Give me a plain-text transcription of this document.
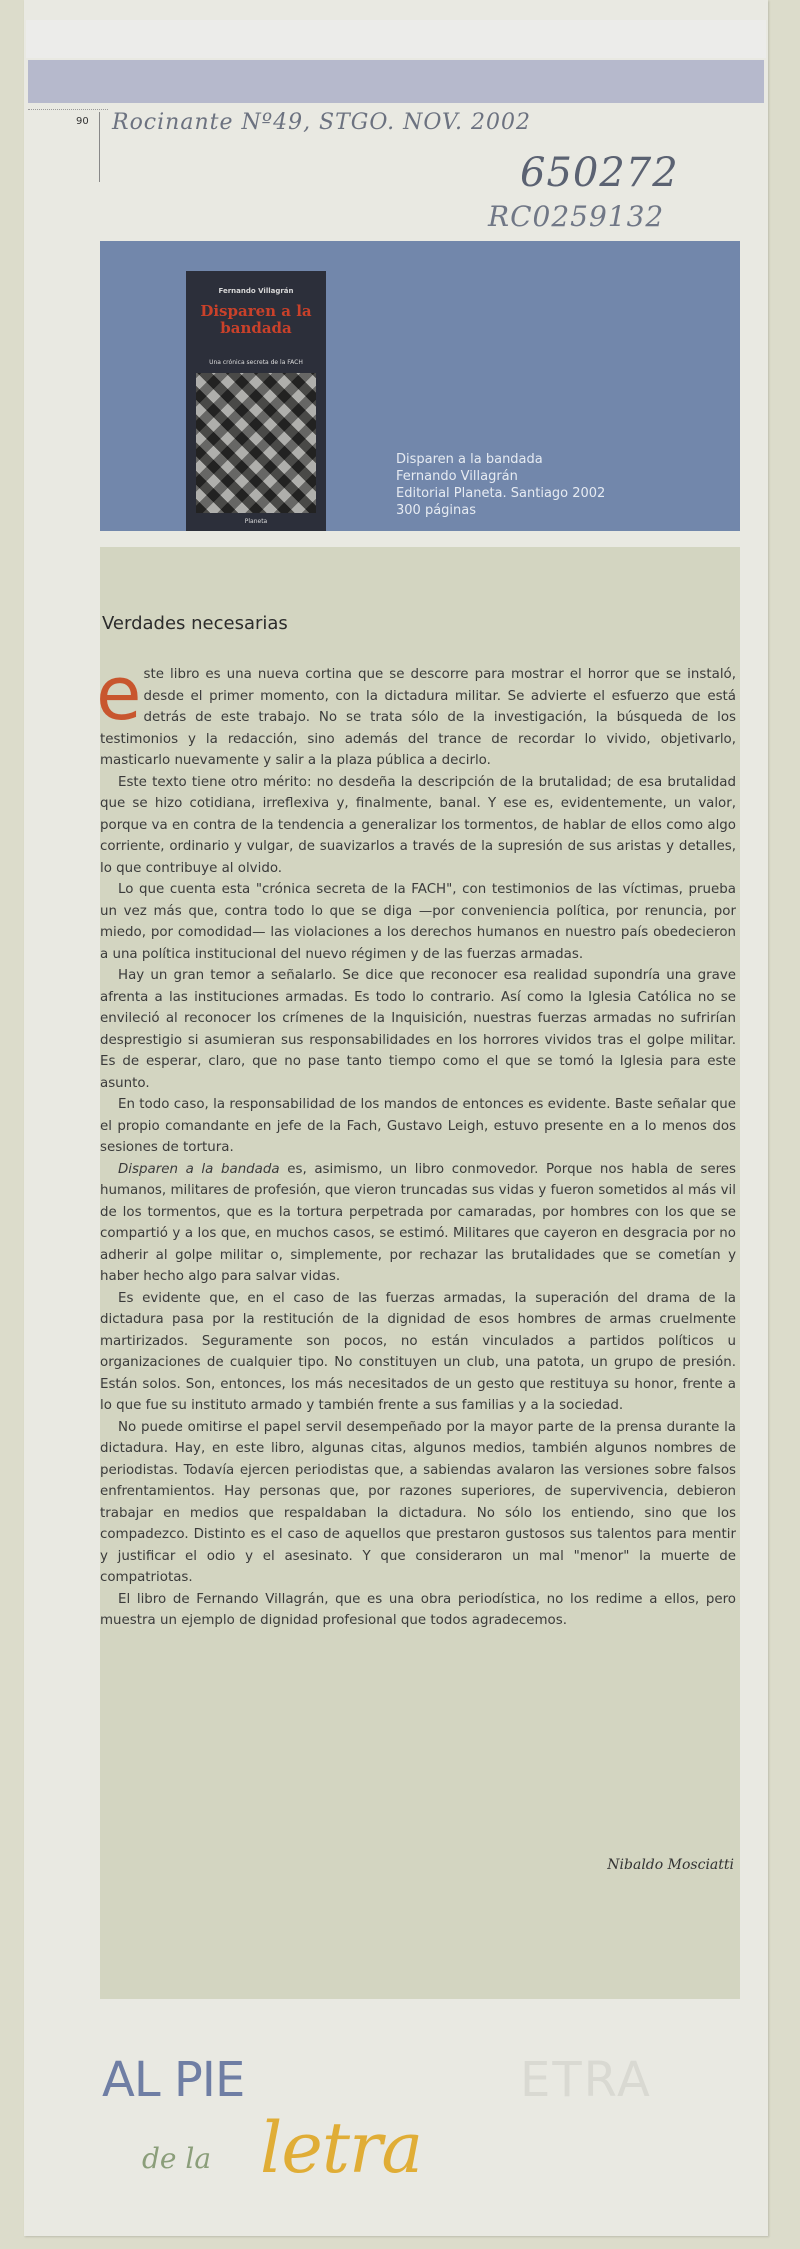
90 Rocinante Nº49, STGO. NOV. 2002
650272
RC0259132
Fernando Villagrán
Disparen a la bandada
Una crónica secreta de la FACH
Planeta
Disparen a la bandada
Fernando Villagrán
Editorial Planeta. Santiago 2002
300 páginas
Verdades necesarias

este libro es una nueva cortina que se descorre para mostrar el horror que se instaló, desde el primer momento, con la dictadura militar. Se advierte el esfuerzo que está detrás de este trabajo. No se trata sólo de la investigación, la búsqueda de los testimonios y la redacción, sino además del trance de recordar lo vivido, objetivarlo, masticarlo nuevamente y salir a la plaza pública a decirlo.

Este texto tiene otro mérito: no desdeña la descripción de la brutalidad; de esa brutalidad que se hizo cotidiana, irreflexiva y, finalmente, banal. Y ese es, evidentemente, un valor, porque va en contra de la tendencia a generalizar los tormentos, de hablar de ellos como algo corriente, ordinario y vulgar, de suavizarlos a través de la supresión de sus aristas y detalles, lo que contribuye al olvido.

Lo que cuenta esta "crónica secreta de la FACH", con testimonios de las víctimas, prueba un vez más que, contra todo lo que se diga —por conveniencia política, por renuncia, por miedo, por comodidad— las violaciones a los derechos humanos en nuestro país obedecieron a una política institucional del nuevo régimen y de las fuerzas armadas.

Hay un gran temor a señalarlo. Se dice que reconocer esa realidad supondría una grave afrenta a las instituciones armadas. Es todo lo contrario. Así como la Iglesia Católica no se envileció al reconocer los crímenes de la Inquisición, nuestras fuerzas armadas no sufrirían desprestigio si asumieran sus responsabilidades en los horrores vividos tras el golpe militar. Es de esperar, claro, que no pase tanto tiempo como el que se tomó la Iglesia para este asunto.

En todo caso, la responsabilidad de los mandos de entonces es evidente. Baste señalar que el propio comandante en jefe de la Fach, Gustavo Leigh, estuvo presente en a lo menos dos sesiones de tortura.

Disparen a la bandada es, asimismo, un libro conmovedor. Porque nos habla de seres humanos, militares de profesión, que vieron truncadas sus vidas y fueron sometidos al más vil de los tormentos, que es la tortura perpetrada por camaradas, por hombres con los que se compartió y a los que, en muchos casos, se estimó. Militares que cayeron en desgracia por no adherir al golpe militar o, simplemente, por rechazar las brutalidades que se cometían y haber hecho algo para salvar vidas.

Es evidente que, en el caso de las fuerzas armadas, la superación del drama de la dictadura pasa por la restitución de la dignidad de esos hombres de armas cruelmente martirizados. Seguramente son pocos, no están vinculados a partidos políticos u organizaciones de cualquier tipo. No constituyen un club, una patota, un grupo de presión. Están solos. Son, entonces, los más necesitados de un gesto que restituya su honor, frente a lo que fue su instituto armado y también frente a sus familias y a la sociedad.

No puede omitirse el papel servil desempeñado por la mayor parte de la prensa durante la dictadura. Hay, en este libro, algunas citas, algunos medios, también algunos nombres de periodistas. Todavía ejercen periodistas que, a sabiendas avalaron las versiones sobre falsos enfrentamientos. Hay personas que, por razones superiores, de supervivencia, debieron trabajar en medios que respaldaban la dictadura. No sólo los entiendo, sino que los compadezco. Distinto es el caso de aquellos que prestaron gustosos sus talentos para mentir y justificar el odio y el asesinato. Y que consideraron un mal "menor" la muerte de compatriotas.

El libro de Fernando Villagrán, que es una obra periodística, no los redime a ellos, pero muestra un ejemplo de dignidad profesional que todos agradecemos.

Nibaldo Mosciatti
AL PIE	ETRA
de la letra
